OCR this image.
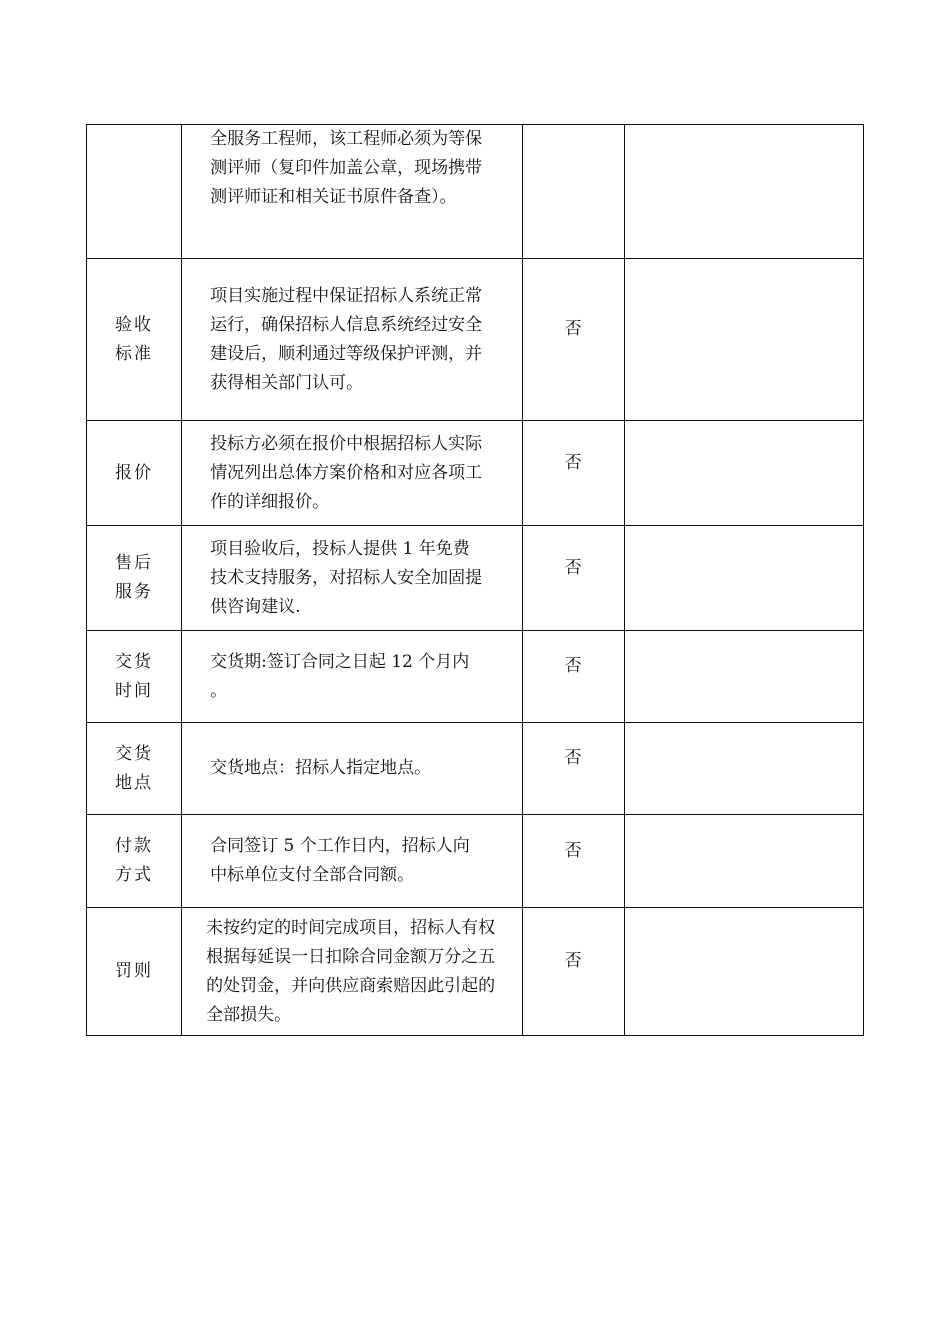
	全服务工程师，该工程师必须为等保测评师（复印件加盖公章，现场携带测评师证和相关证书原件备查）。		

验收标准	项目实施过程中保证招标人系统正常运行，确保招标人信息系统经过安全建设后，顺利通过等级保护评测，并获得相关部门认可。	否	
报价	投标方必须在报价中根据招标人实际情况列出总体方案价格和对应各项工作的详细报价。	否	
售后服务	项目验收后，投标人提供 1 年免费技术支持服务，对招标人安全加固提供咨询建议.	否	
交货时间	交货期:签订合同之日起 12 个月内。	否	
交货地点	交货地点：招标人指定地点。	否	
付款方式	合同签订 5 个工作日内，招标人向中标单位支付全部合同额。	否	
罚则	未按约定的时间完成项目，招标人有权根据每延误一日扣除合同金额万分之五的处罚金，并向供应商索赔因此引起的全部损失。	否	
